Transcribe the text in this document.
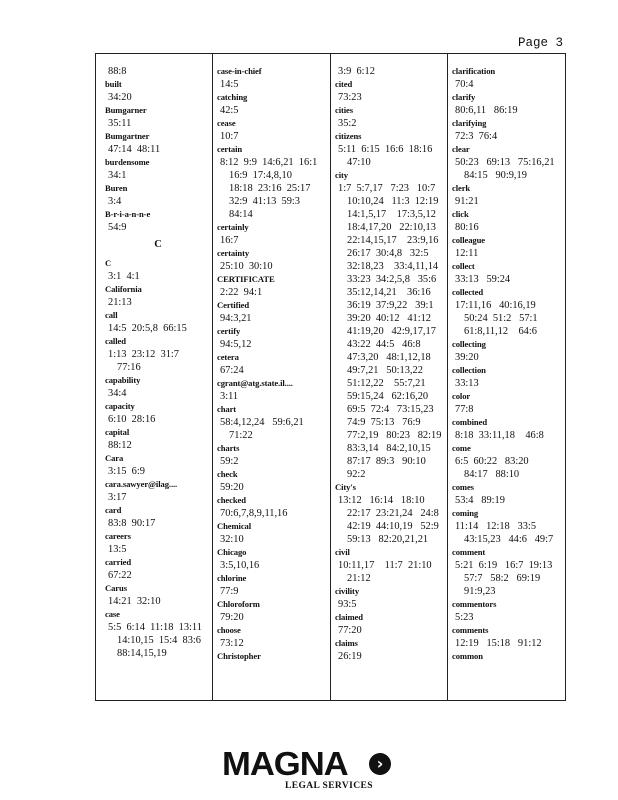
Page 3
88:8
built
34:20
Bumgarner
35:11
Bumgartner
47:14  48:11
burdensome
34:1
Buren
3:4
B-r-i-a-n-n-e
54:9
C
C
3:1  4:1
California
21:13
call
14:5  20:5,8  66:15
called
1:13  23:12  31:7
77:16
capability
34:4
capacity
6:10  28:16
capital
88:12
Cara
3:15  6:9
cara.sawyer@ilag....
3:17
card
83:8  90:17
careers
13:5
carried
67:22
Carus
14:21  32:10
case
5:5  6:14  11:18  13:11
14:10,15  15:4  83:6
88:14,15,19
case-in-chief
14:5
catching
42:5
cease
10:7
certain
8:12  9:9  14:6,21  16:1
16:9  17:4,8,10
18:18  23:16  25:17
32:9  41:13  59:3
84:14
certainly
16:7
certainty
25:10  30:10
CERTIFICATE
2:22  94:1
Certified
94:3,21
certify
94:5,12
cetera
67:24
cgrant@atg.state.il....
3:11
chart
58:4,12,24   59:6,21
71:22
charts
59:2
check
59:20
checked
70:6,7,8,9,11,16
Chemical
32:10
Chicago
3:5,10,16
chlorine
77:9
Chloroform
79:20
choose
73:12
Christopher
3:9  6:12
cited
73:23
cities
35:2
citizens
5:11  6:15  16:6  18:16
47:10
city
1:7  5:7,17   7:23   10:7
10:10,24   11:3  12:19
14:1,5,17    17:3,5,12
18:4,17,20   22:10,13
22:14,15,17    23:9,16
26:17  30:4,8   32:5
32:18,23    33:4,11,14
33:23  34:2,5,8   35:6
35:12,14,21    36:16
36:19  37:9,22   39:1
39:20  40:12   41:12
41:19,20   42:9,17,17
43:22  44:5   46:8
47:3,20   48:1,12,18
49:7,21   50:13,22
51:12,22    55:7,21
59:15,24   62:16,20
69:5  72:4   73:15,23
74:9  75:13   76:9
77:2,19   80:23   82:19
83:3,14   84:2,10,15
87:17  89:3   90:10
92:2
City's
13:12   16:14   18:10
22:17  23:21,24   24:8
42:19  44:10,19   52:9
59:13   82:20,21,21
civil
10:11,17    11:7  21:10
21:12
civility
93:5
claimed
77:20
claims
26:19
clarification
70:4
clarify
80:6,11   86:19
clarifying
72:3  76:4
clear
50:23   69:13   75:16,21
84:15   90:9,19
clerk
91:21
click
80:16
colleague
12:11
collect
33:13   59:24
collected
17:11,16   40:16,19
50:24  51:2   57:1
61:8,11,12    64:6
collecting
39:20
collection
33:13
color
77:8
combined
8:18  33:11,18    46:8
come
6:5  60:22   83:20
84:17   88:10
comes
53:4   89:19
coming
11:14   12:18   33:5
43:15,23   44:6   49:7
comment
5:21  6:19   16:7  19:13
57:7   58:2   69:19
91:9,23
commentors
5:23
comments
12:19   15:18   91:12
common
MAGNA	›
LEGAL SERVICES
